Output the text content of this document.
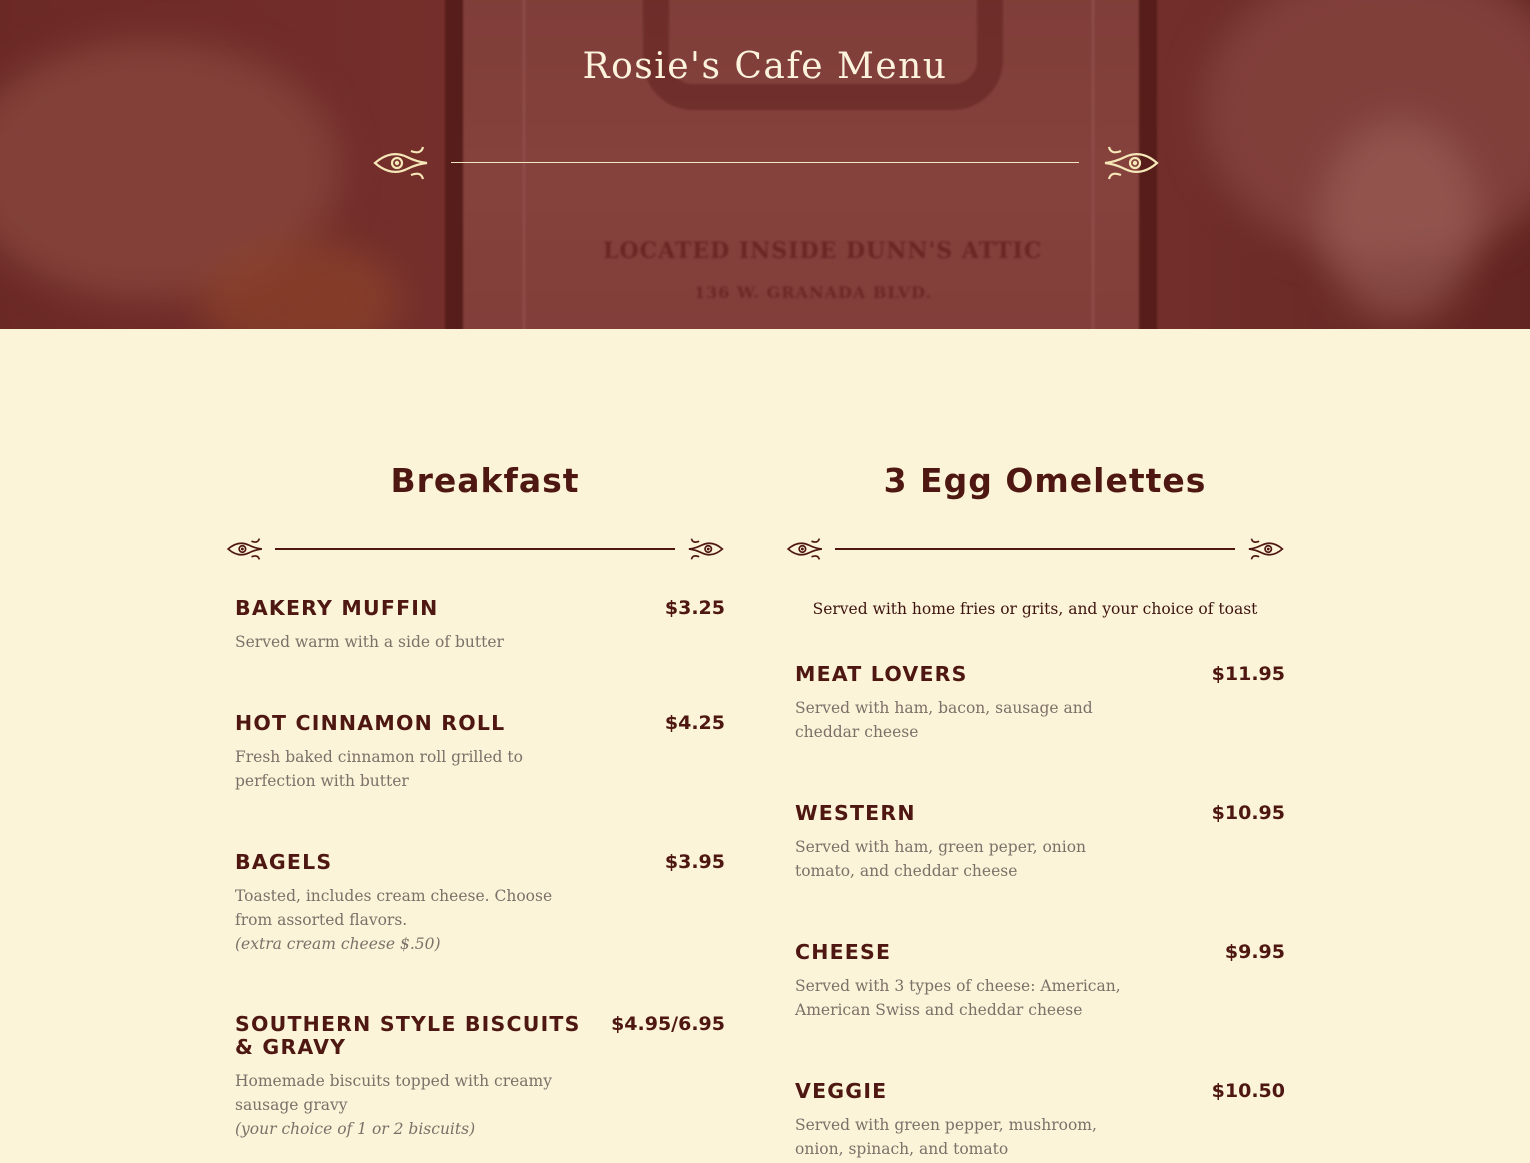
LOCATED INSIDE DUNN'S ATTIC
136 W. GRANADA BLVD.
Rosie's Cafe Menu
Breakfast
BAKERY MUFFIN	$3.25
Served warm with a side of butter
HOT CINNAMON ROLL	$4.25
Fresh baked cinnamon roll grilled to perfection with butter
BAGELS	$3.95
Toasted, includes cream cheese. Choose from assorted flavors.
(extra cream cheese $.50)
SOUTHERN STYLE BISCUITS & GRAVY
$4.95/6.95
Homemade biscuits topped with creamy sausage gravy
(your choice of 1 or 2 biscuits)
3 Egg Omelettes
Served with home fries or grits, and your choice of toast
MEAT LOVERS	$11.95
Served with ham, bacon, sausage and cheddar cheese
WESTERN	$10.95
Served with ham, green peper, onion tomato, and cheddar cheese
CHEESE	$9.95
Served with 3 types of cheese: American, American Swiss and cheddar cheese
VEGGIE	$10.50
Served with green pepper, mushroom, onion, spinach, and tomato
